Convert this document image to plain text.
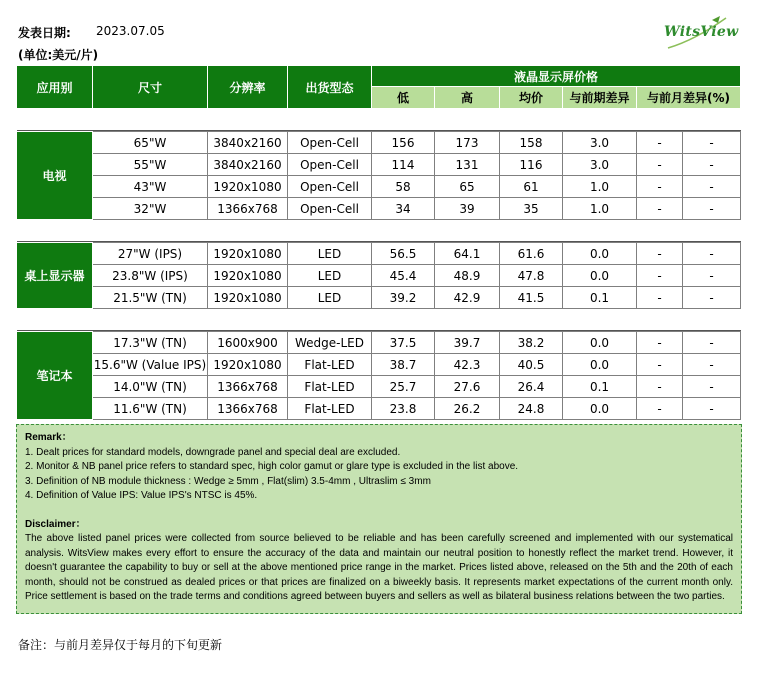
发表日期: 2023.07.05
(单位:美元/片)
WitsView
应用别	尺寸	分辨率	出货型态	液晶显示屏价格					
				低	高	均价	与前期差异	与前月差异(%)	

电视	65"W	3840x2160	Open-Cell	156	173	158	3.0	-	-
	55"W	3840x2160	Open-Cell	114	131	116	3.0	-	-
	43"W	1920x1080	Open-Cell	58	65	61	1.0	-	-
	32"W	1366x768	Open-Cell	34	39	35	1.0	-	-

桌上显示器	27"W (IPS)	1920x1080	LED	56.5	64.1	61.6	0.0	-	-
	23.8"W (IPS)	1920x1080	LED	45.4	48.9	47.8	0.0	-	-
	21.5"W (TN)	1920x1080	LED	39.2	42.9	41.5	0.1	-	-

笔记本	17.3"W (TN)	1600x900	Wedge-LED	37.5	39.7	38.2	0.0	-	-
	15.6"W (Value IPS)	1920x1080	Flat-LED	38.7	42.3	40.5	0.0	-	-
	14.0"W (TN)	1366x768	Flat-LED	25.7	27.6	26.4	0.1	-	-
	11.6"W (TN)	1366x768	Flat-LED	23.8	26.2	24.8	0.0	-	-

Remark：

1. Dealt prices for standard models, downgrade panel and special deal are excluded.

2. Monitor & NB panel price refers to standard spec, high color gamut or glare type is excluded in the list above.

3. Definition of NB module thickness : Wedge ≥ 5mm , Flat(slim) 3.5-4mm , Ultraslim ≤ 3mm

4. Definition of Value IPS: Value IPS's NTSC is 45%.

Disclaimer：

The above listed panel prices were collected from source believed to be reliable and has been carefully screened and implemented with our systematical analysis. WitsView makes every effort to ensure the accuracy of the data and maintain our neutral position to honestly reflect the market trend. However, it doesn't guarantee the capability to buy or sell at the above mentioned price range in the market. Prices listed above, released on the 5th and the 20th of each month, should not be construed as dealed prices or that prices are finalized on a biweekly basis. It represents market expectations of the current month only. Price settlement is based on the trade terms and conditions agreed between buyers and sellers as well as bilateral business relations between the two parties.

备注：与前月差异仅于每月的下旬更新
